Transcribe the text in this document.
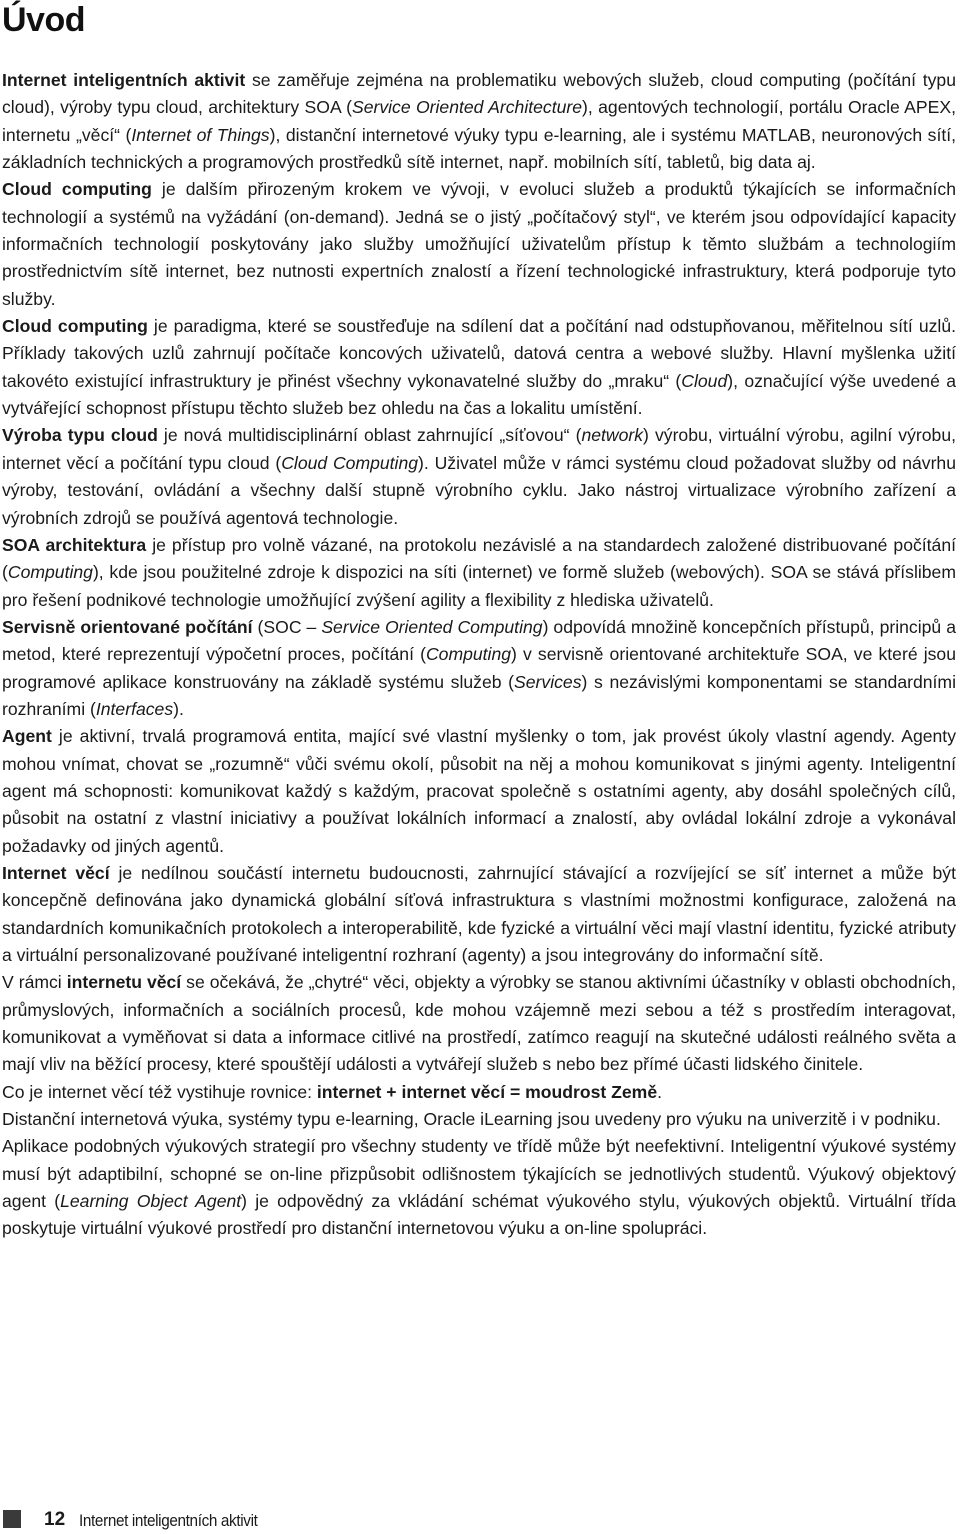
Úvod

Internet inteligentních aktivit se zaměřuje zejména na problematiku webových služeb, cloud computing (počítání typu cloud), výroby typu cloud, architektury SOA (Service Oriented Architecture), agentových technologií, portálu Oracle APEX, internetu „věcí“ (Internet of Things), distanční internetové výuky typu e-learning, ale i systému MATLAB, neuronových sítí, základních technických a programových prostředků sítě internet, např. mobilních sítí, tabletů, big data aj.

Cloud computing je dalším přirozeným krokem ve vývoji, v evoluci služeb a produktů týkajících se informačních technologií a systémů na vyžádání (on-demand). Jedná se o jistý „počítačový styl“, ve kterém jsou odpovídající kapacity informačních technologií poskytovány jako služby umožňující uživatelům přístup k těmto službám a technologiím prostřednictvím sítě internet, bez nutnosti expertních znalostí a řízení technologické infrastruktury, která podporuje tyto služby.

Cloud computing je paradigma, které se soustřeďuje na sdílení dat a počítání nad odstupňovanou, měřitelnou sítí uzlů. Příklady takových uzlů zahrnují počítače koncových uživatelů, datová centra a webové služby. Hlavní myšlenka užití takovéto existující infrastruktury je přinést všechny vykonavatelné služby do „mraku“ (Cloud), označující výše uvedené a vytvářející schopnost přístupu těchto služeb bez ohledu na čas a lokalitu umístění.

Výroba typu cloud je nová multidisciplinární oblast zahrnující „síťovou“ (network) výrobu, virtuální výrobu, agilní výrobu, internet věcí a počítání typu cloud (Cloud Computing). Uživatel může v rámci systému cloud požadovat služby od návrhu výroby, testování, ovládání a všechny další stupně výrobního cyklu. Jako nástroj virtualizace výrobního zařízení a výrobních zdrojů se používá agentová technologie.

SOA architektura je přístup pro volně vázané, na protokolu nezávislé a na standardech založené distribuované počítání (Computing), kde jsou použitelné zdroje k dispozici na síti (internet) ve formě služeb (webových). SOA se stává příslibem pro řešení podnikové technologie umožňující zvýšení agility a flexibility z hlediska uživatelů.

Servisně orientované počítání (SOC – Service Oriented Computing) odpovídá množině koncepčních přístupů, principů a metod, které reprezentují výpočetní proces, počítání (Computing) v servisně orientované architektuře SOA, ve které jsou programové aplikace konstruovány na základě systému služeb (Services) s nezávislými komponentami se standardními rozhraními (Interfaces).

Agent je aktivní, trvalá programová entita, mající své vlastní myšlenky o tom, jak provést úkoly vlastní agendy. Agenty mohou vnímat, chovat se „rozumně“ vůči svému okolí, působit na něj a mohou komunikovat s jinými agenty. Inteligentní agent má schopnosti: komunikovat každý s každým, pracovat společně s ostatními agenty, aby dosáhl společných cílů, působit na ostatní z vlastní iniciativy a používat lokálních informací a znalostí, aby ovládal lokální zdroje a vykonával požadavky od jiných agentů.

Internet věcí je nedílnou součástí internetu budoucnosti, zahrnující stávající a rozvíjející se síť internet a může být koncepčně definována jako dynamická globální síťová infrastruktura s vlastními možnostmi konfigurace, založená na standardních komunikačních protokolech a interoperabilitě, kde fyzické a virtuální věci mají vlastní identitu, fyzické atributy a virtuální personalizované používané inteligentní rozhraní (agenty) a jsou integrovány do informační sítě.

V rámci internetu věcí se očekává, že „chytré“ věci, objekty a výrobky se stanou aktivními účastníky v oblasti obchodních, průmyslových, informačních a sociálních procesů, kde mohou vzájemně mezi sebou a též s prostředím interagovat, komunikovat a vyměňovat si data a informace citlivé na prostředí, zatímco reagují na skutečné události reálného světa a mají vliv na běžící procesy, které spouštějí události a vytvářejí služeb s nebo bez přímé účasti lidského činitele.

Co je internet věcí též vystihuje rovnice: internet + internet věcí = moudrost Země.

Distanční internetová výuka, systémy typu e-learning, Oracle iLearning jsou uvedeny pro výuku na univerzitě i v podniku.

Aplikace podobných výukových strategií pro všechny studenty ve třídě může být neefektivní. Inteligentní výukové systémy musí být adaptibilní, schopné se on-line přizpůsobit odlišnostem týkajících se jednotlivých studentů. Výukový objektový agent (Learning Object Agent) je odpovědný za vkládání schémat výukového stylu, výukových objektů. Virtuální třída poskytuje virtuální výukové prostředí pro distanční internetovou výuku a on-line spolupráci.

12 Internet inteligentních aktivit
